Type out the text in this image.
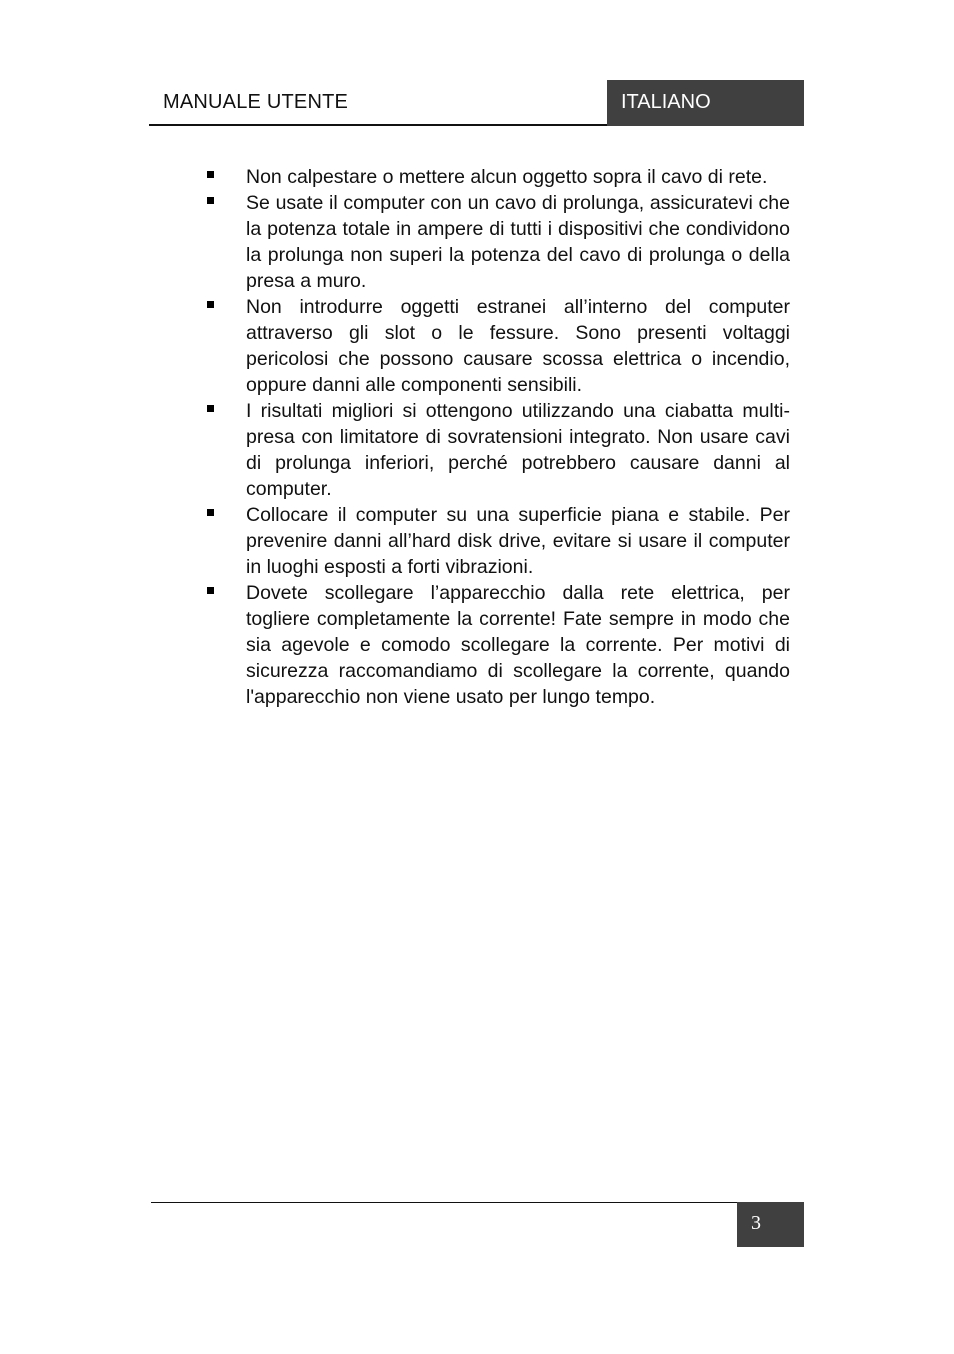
MANUALE UTENTE	ITALIANO
Non calpestare o mettere alcun oggetto sopra il cavo di rete.
Se usate il computer con un cavo di prolunga, assicuratevi che la potenza totale in ampere di tutti i dispositivi che condividono la prolunga non superi la potenza del cavo di prolunga o della presa a muro.
Non introdurre oggetti estranei all’interno del computer attraverso gli slot o le fessure. Sono presenti voltaggi pericolosi che possono causare scossa elettrica o incendio, oppure danni alle componenti sensibili.
I risultati migliori si ottengono utilizzando una ciabatta multi-presa con limitatore di sovratensioni integrato. Non usare cavi di prolunga inferiori, perché potrebbero causare danni al computer.
Collocare il computer su una superficie piana e stabile. Per prevenire danni all’hard disk drive, evitare si usare il computer in luoghi esposti a forti vibrazioni.
Dovete scollegare l’apparecchio dalla rete elettrica, per togliere completamente la corrente! Fate sempre in modo che sia agevole e comodo scollegare la corrente. Per motivi di sicurezza raccomandiamo di scollegare la corrente, quando l'apparecchio non viene usato per lungo tempo.
3
